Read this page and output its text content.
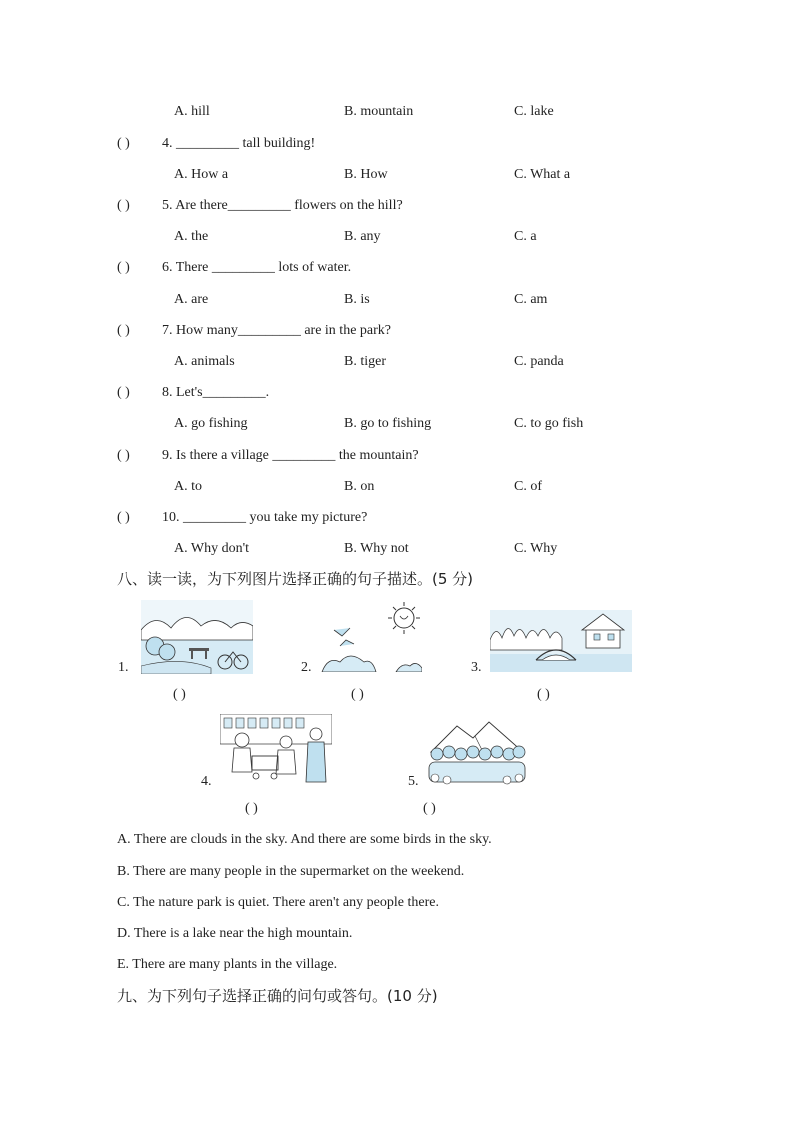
A. hill	B. mountain	C. lake
( ) 4. _________ tall building!
A. How a	B. How	C. What a
( ) 5. Are there_________ flowers on the hill?
A. the	B. any	C. a
( ) 6. There _________ lots of water.
A. are	B. is	C. am
( ) 7. How many_________ are in the park?
A. animals	B. tiger	C. panda
( ) 8. Let's_________.
A. go fishing	B. go to fishing	C. to go fish
( ) 9. Is there a village _________ the mountain?
A. to	B. on	C. of
( ) 10. _________ you take my picture?
A. Why don't	B. Why not	C. Why
八、读一读，为下列图片选择正确的句子描述。(5 分)
1.
( )
2.
( )
3.
( )
4.
( )
5.
( )
A. There are clouds in the sky. And there are some birds in the sky.
B. There are many people in the supermarket on the weekend.
C. The nature park is quiet. There aren't any people there.
D. There is a lake near the high mountain.
E. There are many plants in the village.
九、为下列句子选择正确的问句或答句。(10 分)
